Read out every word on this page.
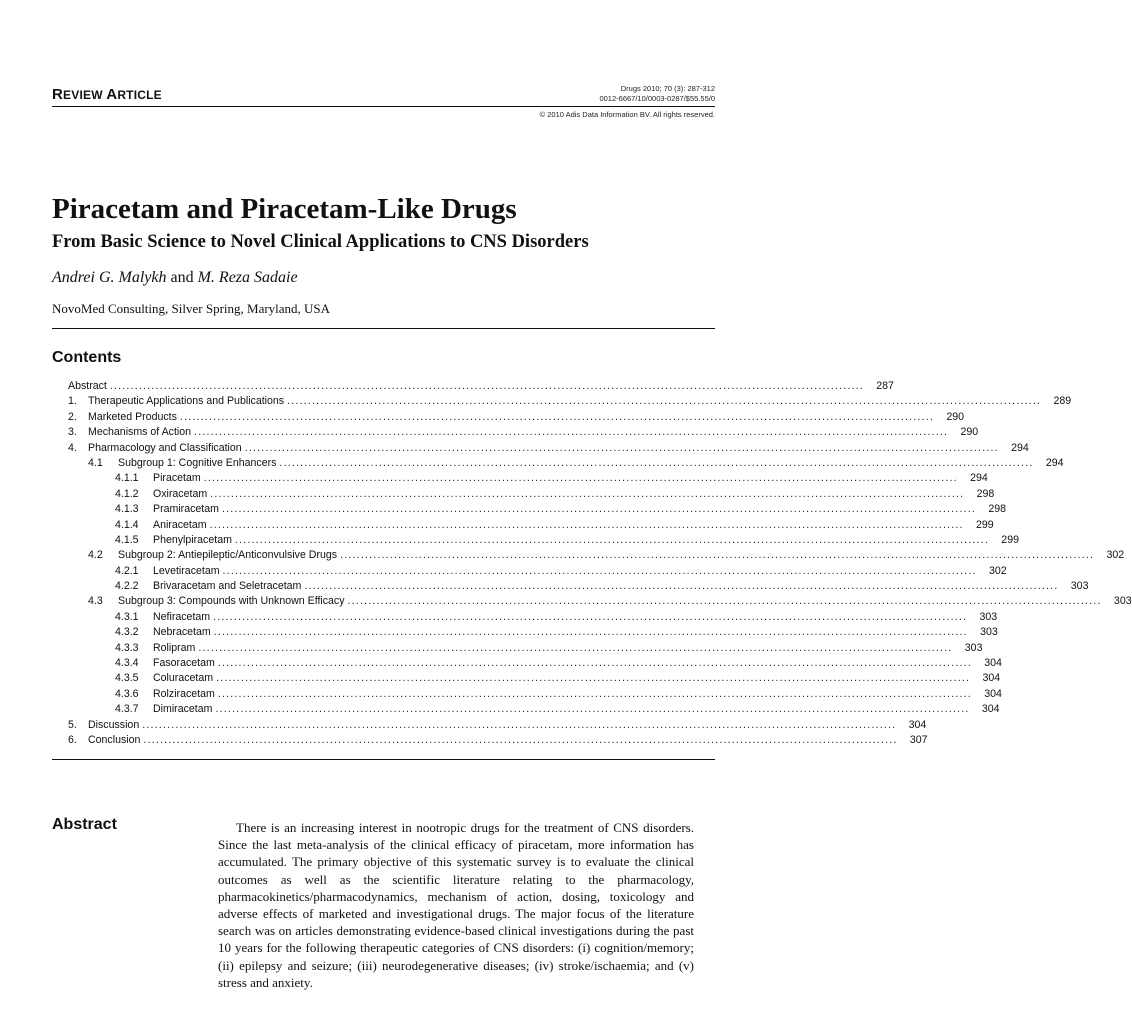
REVIEW ARTICLE	Drugs 2010; 70 (3): 287-312
0012-6667/10/0003-0287/$55.55/0
© 2010 Adis Data Information BV. All rights reserved.
Piracetam and Piracetam-Like Drugs
From Basic Science to Novel Clinical Applications to CNS Disorders
Andrei G. Malykh and M. Reza Sadaie
NovoMed Consulting, Silver Spring, Maryland, USA
Contents
Abstract ......................................................................................................................................................................................	287
1.	Therapeutic Applications and Publications ......................................................................................................................................................................................	289
2.	Marketed Products ......................................................................................................................................................................................	290
3.	Mechanisms of Action ......................................................................................................................................................................................	290
4.	Pharmacology and Classification ......................................................................................................................................................................................	294
4.1	Subgroup 1: Cognitive Enhancers ......................................................................................................................................................................................	294
4.1.1	Piracetam ......................................................................................................................................................................................	294
4.1.2	Oxiracetam ......................................................................................................................................................................................	298
4.1.3	Pramiracetam ......................................................................................................................................................................................	298
4.1.4	Aniracetam ......................................................................................................................................................................................	299
4.1.5	Phenylpiracetam ......................................................................................................................................................................................	299
4.2	Subgroup 2: Antiepileptic/Anticonvulsive Drugs ......................................................................................................................................................................................	302
4.2.1	Levetiracetam ......................................................................................................................................................................................	302
4.2.2	Brivaracetam and Seletracetam ......................................................................................................................................................................................	303
4.3	Subgroup 3: Compounds with Unknown Efficacy ......................................................................................................................................................................................	303
4.3.1	Nefiracetam ......................................................................................................................................................................................	303
4.3.2	Nebracetam ......................................................................................................................................................................................	303
4.3.3	Rolipram ......................................................................................................................................................................................	303
4.3.4	Fasoracetam ......................................................................................................................................................................................	304
4.3.5	Coluracetam ......................................................................................................................................................................................	304
4.3.6	Rolziracetam ......................................................................................................................................................................................	304
4.3.7	Dimiracetam ......................................................................................................................................................................................	304
5.	Discussion ......................................................................................................................................................................................	304
6.	Conclusion ......................................................................................................................................................................................	307
Abstract	There is an increasing interest in nootropic drugs for the treatment of CNS disorders. Since the last meta-analysis of the clinical efficacy of piracetam, more information has accumulated. The primary objective of this systematic survey is to evaluate the clinical outcomes as well as the scientific literature relating to the pharmacology, pharmacokinetics/pharmacodynamics, mechanism of action, dosing, toxicology and adverse effects of marketed and investigational drugs. The major focus of the literature search was on articles demonstrating evidence-based clinical investigations during the past 10 years for the following therapeutic categories of CNS disorders: (i) cognition/memory; (ii) epilepsy and seizure; (iii) neurodegenerative diseases; (iv) stroke/ischaemia; and (v) stress and anxiety.
